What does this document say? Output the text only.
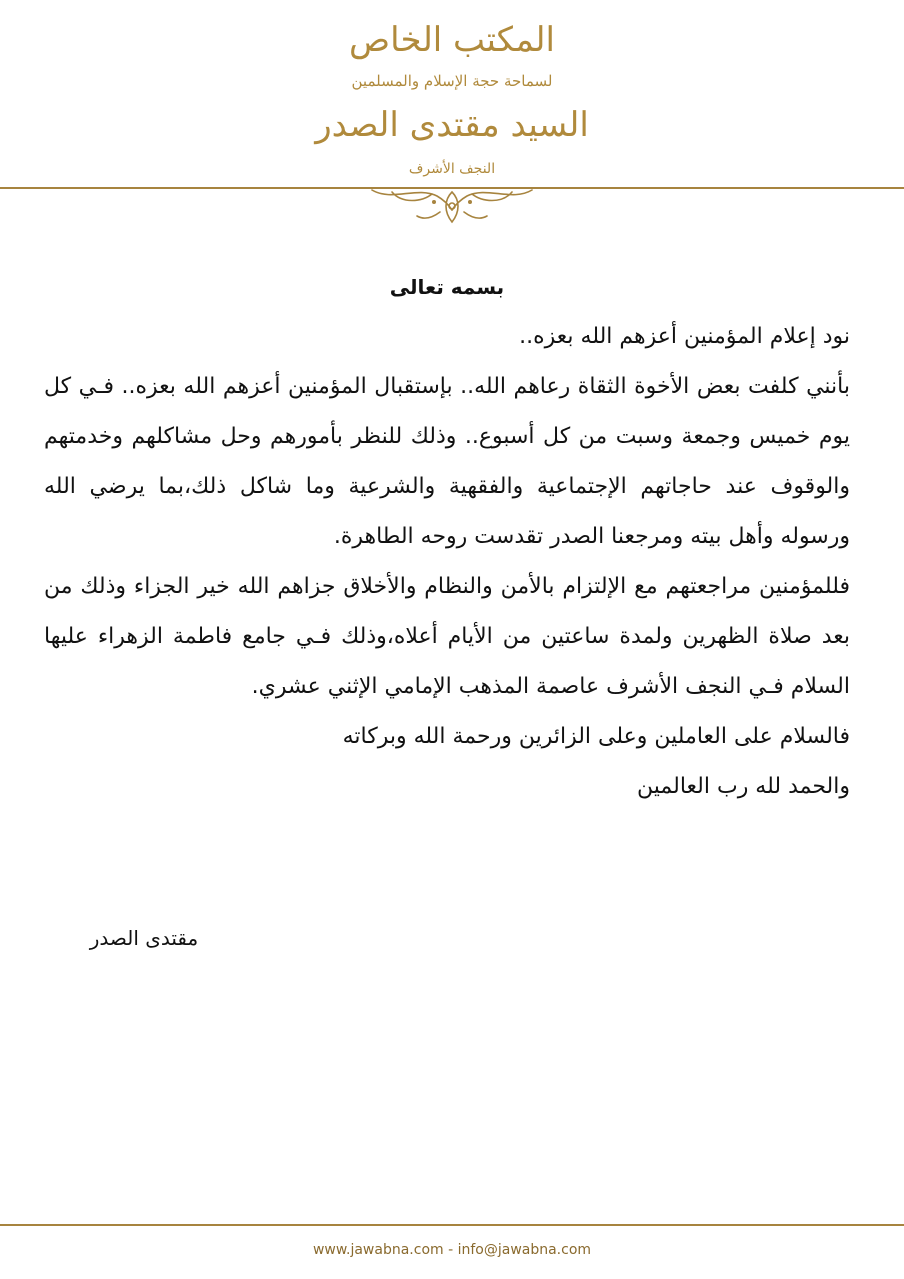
المكتب الخاص
لسماحة حجة الإسلام والمسلمين
السيد مقتدى الصدر
النجف الأشرف

بسمه تعالى

نود إعلام المؤمنين أعزهم الله بعزه..

بأنني كلفت بعض الأخوة الثقاة رعاهم الله.. بإستقبال المؤمنين أعزهم الله بعزه.. فـي كل يوم خميس وجمعة وسبت من كل أسبوع.. وذلك للنظر بأمورهم وحل مشاكلهم وخدمتهم والوقوف عند حاجاتهم الإجتماعية والفقهية والشرعية وما شاكل ذلك،بما يرضي الله ورسوله وأهل بيته ومرجعنا الصدر تقدست روحه الطاهرة.

فللمؤمنين مراجعتهم مع الإلتزام بالأمن والنظام والأخلاق جزاهم الله خير الجزاء وذلك من بعد صلاة الظهرين ولمدة ساعتين من الأيام أعلاه،وذلك فـي جامع فاطمة الزهراء عليها السلام فـي النجف الأشرف عاصمة المذهب الإمامي الإثني عشري.

فالسلام على العاملين وعلى الزائرين ورحمة الله وبركاته

والحمد لله رب العالمين

مقتدى الصدر
www.jawabna.com - info@jawabna.com
